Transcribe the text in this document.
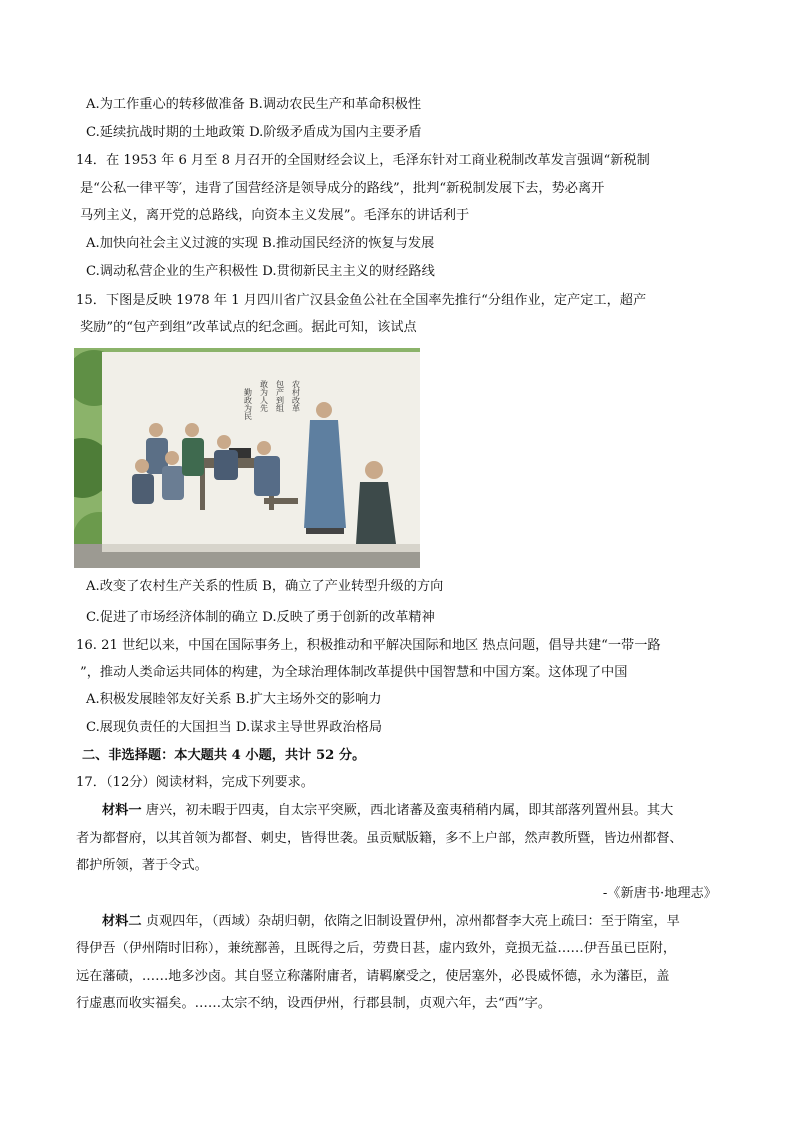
A.为工作重心的转移做准备 B.调动农民生产和革命积极性
C.延续抗战时期的土地政策 D.阶级矛盾成为国内主要矛盾
14．在 1953 年 6 月至 8 月召开的全国财经会议上，毛泽东针对工商业税制改革发言强调“新税制
是“公私一律平等′，违背了国营经济是领导成分的路线”，批判“新税制发展下去，势必离开
马列主义，离开党的总路线，向资本主义发展”。毛泽东的讲话利于
A.加快向社会主义过渡的实现 B.推动国民经济的恢复与发展
C.调动私营企业的生产积极性 D.贯彻新民主主义的财经路线
15．下图是反映 1978 年 1 月四川省广汉县金鱼公社在全国率先推行“分组作业，定产定工，超产
奖励”的“包产到组”改革试点的纪念画。据此可知，该试点
农村改革
包产到组
敢为人先
勤政为民
A.改变了农村生产关系的性质 B，确立了产业转型升级的方向
C.促进了市场经济体制的确立 D.反映了勇于创新的改革精神
16. 21 世纪以来，中国在国际事务上，积极推动和平解决国际和地区 热点问题，倡导共建“一带一路
”，推动人类命运共同体的构建，为全球治理体制改革提供中国智慧和中国方案。这体现了中国
A.积极发展睦邻友好关系 B.扩大主场外交的影响力
C.展现负责任的大国担当 D.谋求主导世界政治格局
二、非选择题：本大题共 4 小题，共计 52 分。
17．（12分）阅读材料，完成下列要求。
材料一 唐兴，初未暇于四夷，自太宗平突厥，西北诸蕃及蛮夷稍稍内属，即其部落列置州县。其大
者为都督府，以其首领为都督、刺史，皆得世袭。虽贡赋版籍，多不上户部，然声教所暨，皆边州都督、
都护所领，著于令式。
-《新唐书·地理志》
材料二 贞观四年，（西域）杂胡归朝，依隋之旧制设置伊州，凉州都督李大亮上疏曰：至于隋室，早
得伊吾（伊州隋时旧称），兼统鄯善，且既得之后，劳费日甚，虚内致外，竟损无益……伊吾虽已臣附，
远在藩碛，……地多沙卤。其自竖立称藩附庸者，请羁縻受之，使居塞外，必畏威怀德，永为藩臣，盖
行虚惠而收实福矣。……太宗不纳，设西伊州，行郡县制，贞观六年，去“西”字。
